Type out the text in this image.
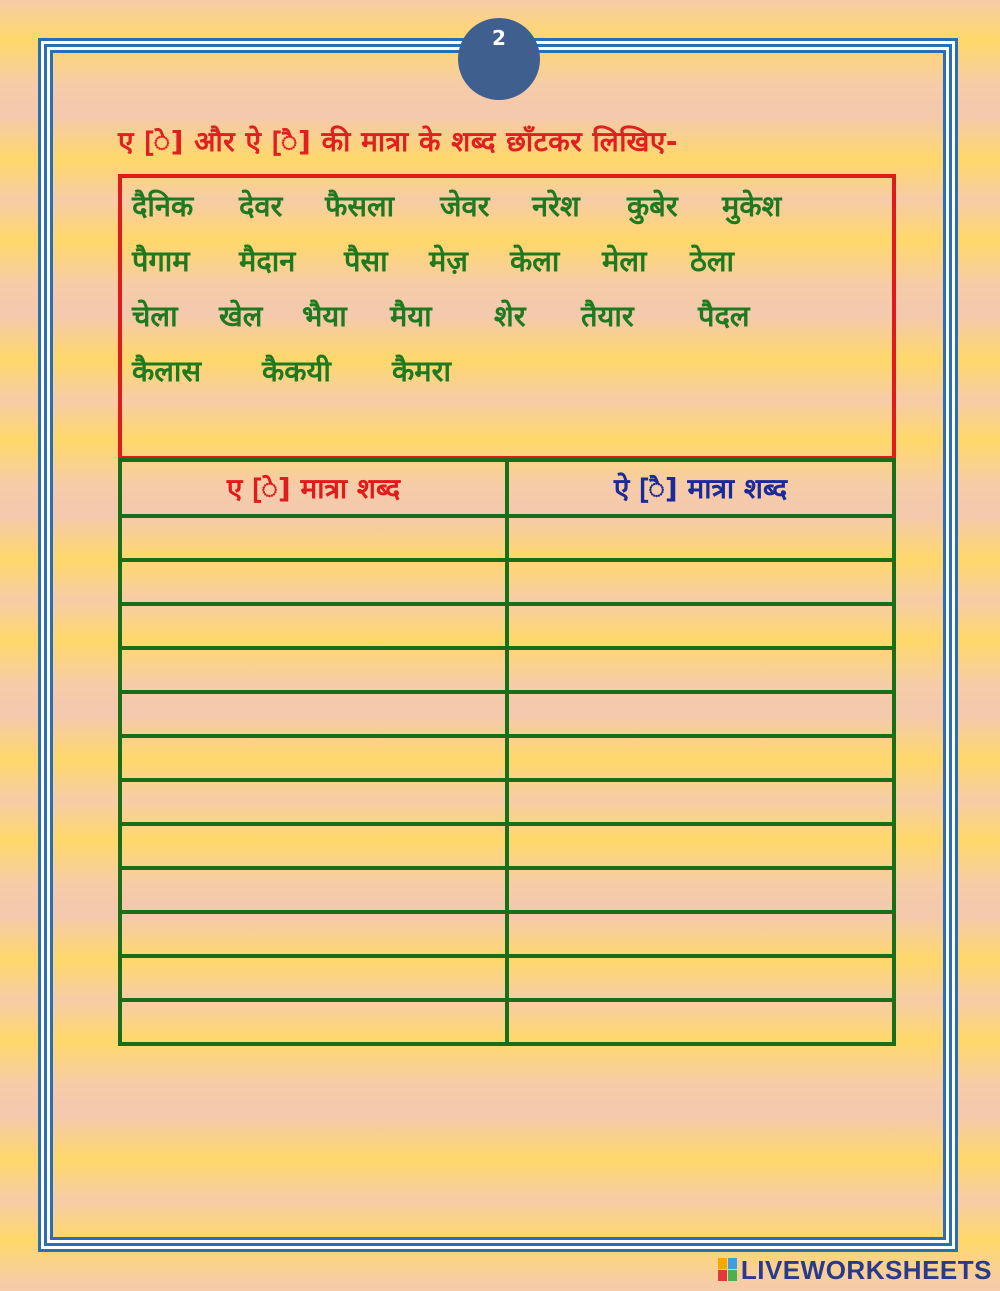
2
ए [े] और ऐ [ै] की मात्रा के शब्द छाँटकर लिखिए-
दैनिक देवर फैसला जेवर नरेश कुबेर मुकेश
पैगाम मैदान पैसा मेज़ केला मेला ठेला
चेला खेल भैया मैया शेर तैयार पैदल
कैलास कैकयी कैमरा
ए [े] मात्रा शब्द	ऐ [ै] मात्रा शब्द

LIVEWORKSHEETS
